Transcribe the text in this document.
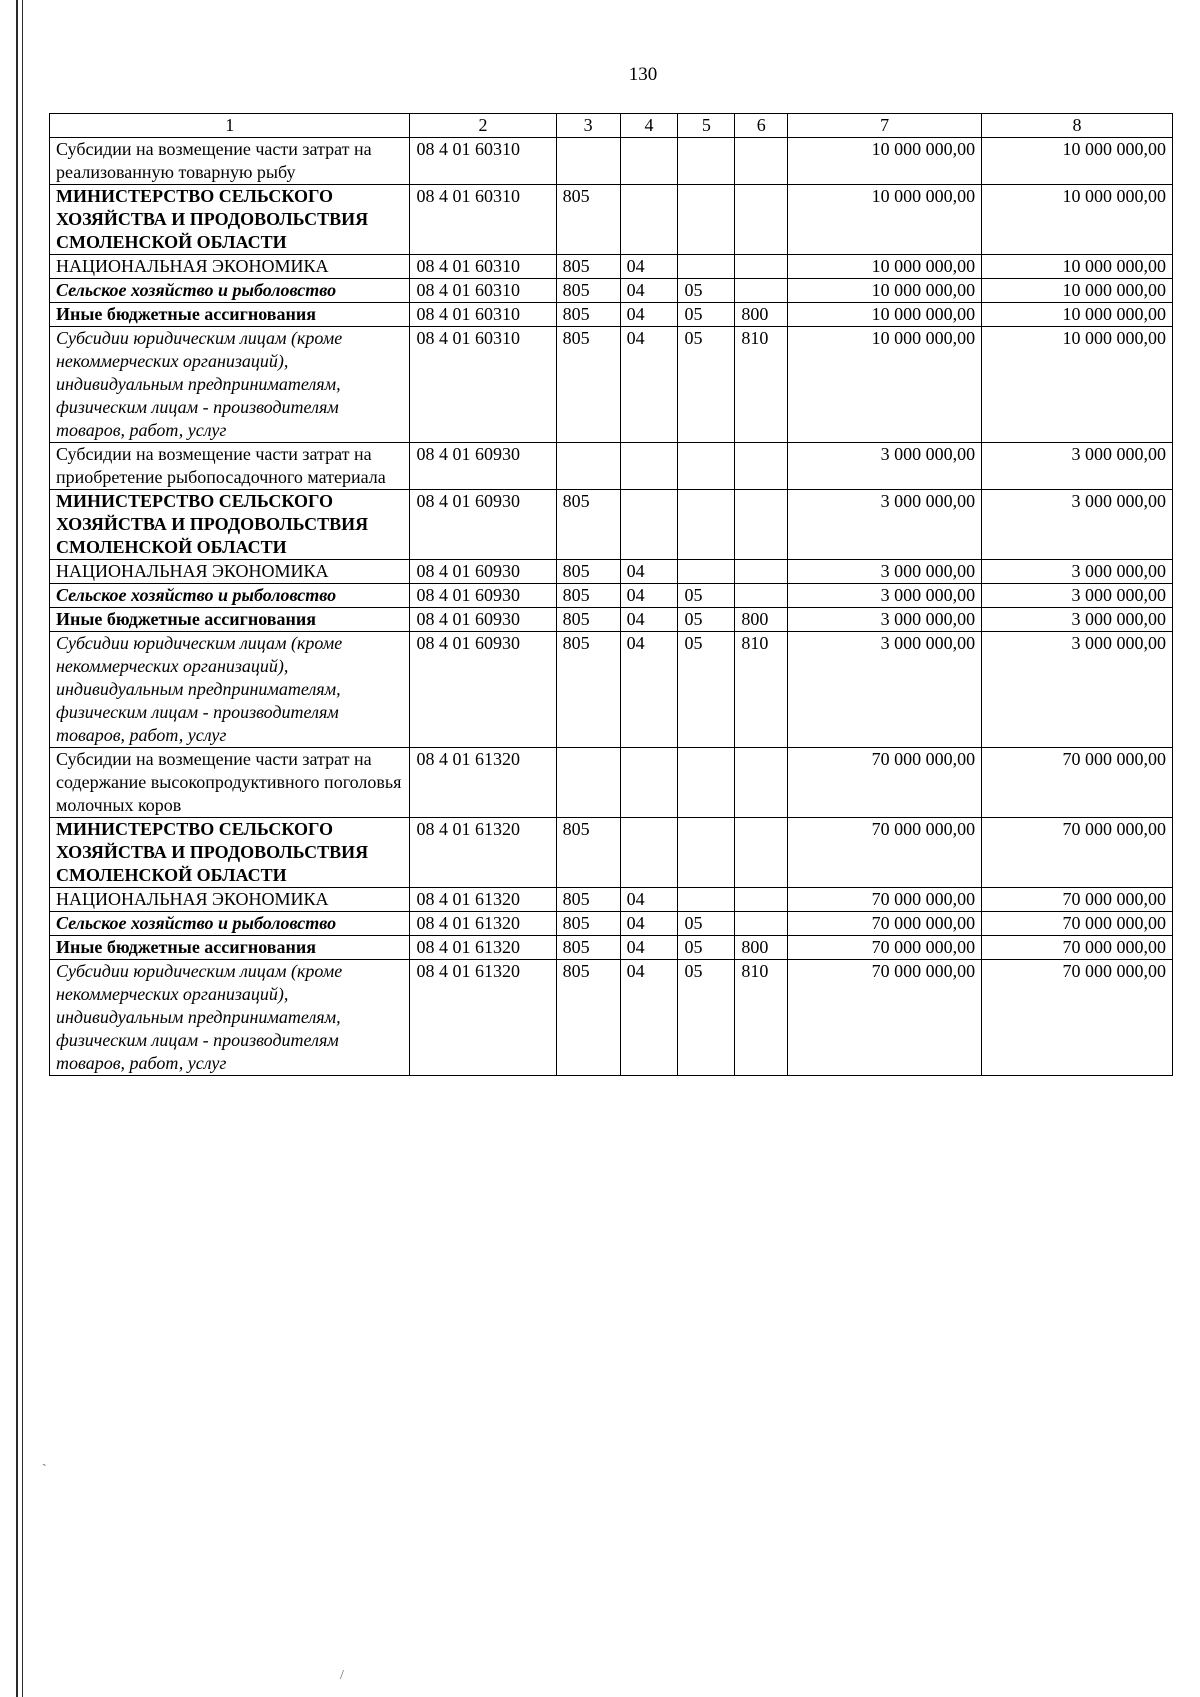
130
1	2	3	4	5	6	7	8
Субсидии на возмещение части затрат на реализованную товарную рыбу	08 4 01 60310					10 000 000,00	10 000 000,00
МИНИСТЕРСТВО СЕЛЬСКОГО ХОЗЯЙСТВА И ПРОДОВОЛЬСТВИЯ СМОЛЕНСКОЙ ОБЛАСТИ	08 4 01 60310	805				10 000 000,00	10 000 000,00
НАЦИОНАЛЬНАЯ ЭКОНОМИКА	08 4 01 60310	805	04			10 000 000,00	10 000 000,00
Сельское хозяйство и рыболовство	08 4 01 60310	805	04	05		10 000 000,00	10 000 000,00
Иные бюджетные ассигнования	08 4 01 60310	805	04	05	800	10 000 000,00	10 000 000,00
Субсидии юридическим лицам (кроме некоммерческих организаций), индивидуальным предпринимателям, физическим лицам - производителям товаров, работ, услуг	08 4 01 60310	805	04	05	810	10 000 000,00	10 000 000,00
Субсидии на возмещение части затрат на приобретение рыбопосадочного материала	08 4 01 60930					3 000 000,00	3 000 000,00
МИНИСТЕРСТВО СЕЛЬСКОГО ХОЗЯЙСТВА И ПРОДОВОЛЬСТВИЯ СМОЛЕНСКОЙ ОБЛАСТИ	08 4 01 60930	805				3 000 000,00	3 000 000,00
НАЦИОНАЛЬНАЯ ЭКОНОМИКА	08 4 01 60930	805	04			3 000 000,00	3 000 000,00
Сельское хозяйство и рыболовство	08 4 01 60930	805	04	05		3 000 000,00	3 000 000,00
Иные бюджетные ассигнования	08 4 01 60930	805	04	05	800	3 000 000,00	3 000 000,00
Субсидии юридическим лицам (кроме некоммерческих организаций), индивидуальным предпринимателям, физическим лицам - производителям товаров, работ, услуг	08 4 01 60930	805	04	05	810	3 000 000,00	3 000 000,00
Субсидии на возмещение части затрат на содержание высокопродуктивного поголовья молочных коров	08 4 01 61320					70 000 000,00	70 000 000,00
МИНИСТЕРСТВО СЕЛЬСКОГО ХОЗЯЙСТВА И ПРОДОВОЛЬСТВИЯ СМОЛЕНСКОЙ ОБЛАСТИ	08 4 01 61320	805				70 000 000,00	70 000 000,00
НАЦИОНАЛЬНАЯ ЭКОНОМИКА	08 4 01 61320	805	04			70 000 000,00	70 000 000,00
Сельское хозяйство и рыболовство	08 4 01 61320	805	04	05		70 000 000,00	70 000 000,00
Иные бюджетные ассигнования	08 4 01 61320	805	04	05	800	70 000 000,00	70 000 000,00
Субсидии юридическим лицам (кроме некоммерческих организаций), индивидуальным предпринимателям, физическим лицам - производителям товаров, работ, услуг	08 4 01 61320	805	04	05	810	70 000 000,00	70 000 000,00
ˎ
/
